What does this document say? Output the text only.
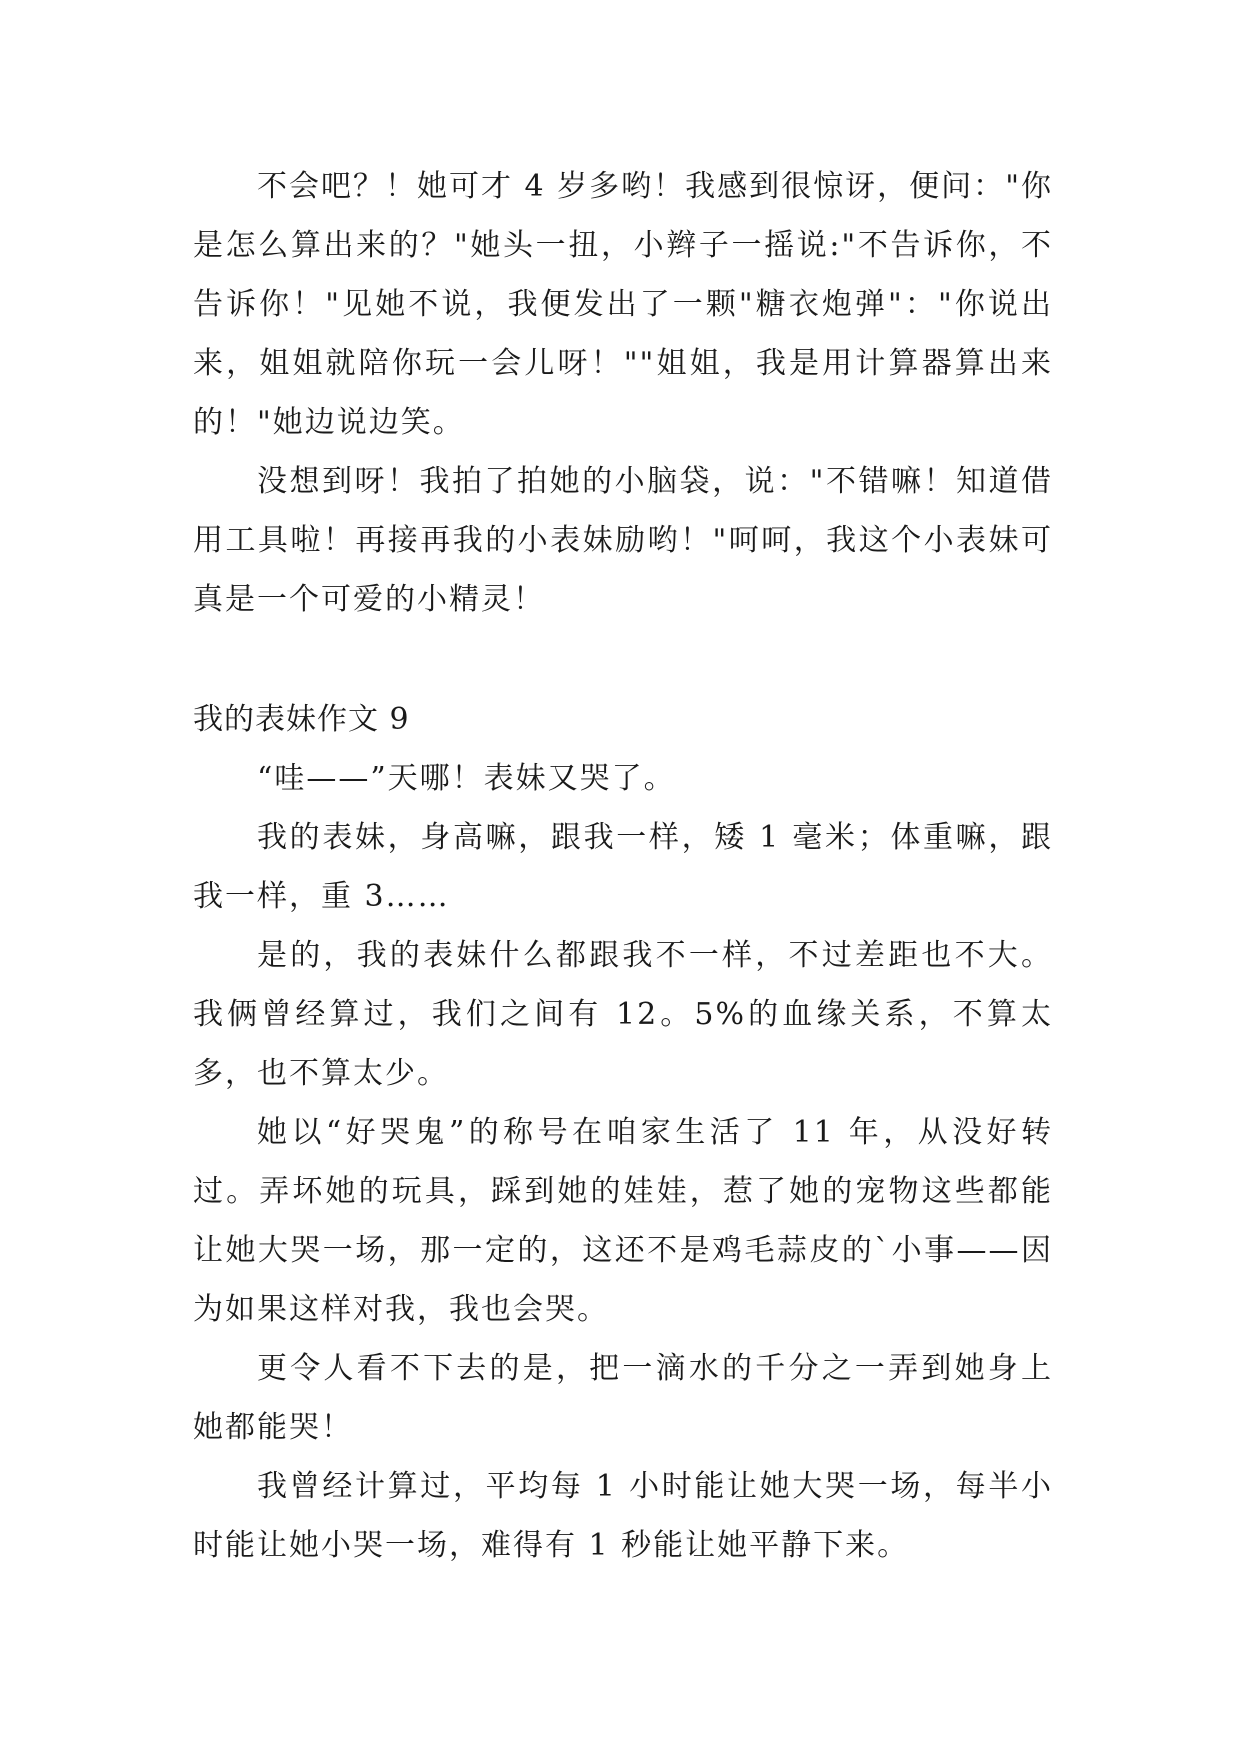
不会吧？！她可才 4 岁多哟！我感到很惊讶，便问："你是怎么算出来的？"她头一扭，小辫子一摇说:"不告诉你，不告诉你！"见她不说，我便发出了一颗"糖衣炮弹"："你说出来，姐姐就陪你玩一会儿呀！""姐姐，我是用计算器算出来的！"她边说边笑。

没想到呀！我拍了拍她的小脑袋，说："不错嘛！知道借用工具啦！再接再我的小表妹励哟！"呵呵，我这个小表妹可真是一个可爱的小精灵！

我的表妹作文 9

“哇——”天哪！表妹又哭了。

我的表妹，身高嘛，跟我一样，矮 1 毫米；体重嘛，跟我一样，重 3……

是的，我的表妹什么都跟我不一样，不过差距也不大。我俩曾经算过，我们之间有 12。5%的血缘关系，不算太多，也不算太少。

她以“好哭鬼”的称号在咱家生活了 11 年，从没好转过。弄坏她的玩具，踩到她的娃娃，惹了她的宠物这些都能让她大哭一场，那一定的，这还不是鸡毛蒜皮的`小事——因为如果这样对我，我也会哭。

更令人看不下去的是，把一滴水的千分之一弄到她身上她都能哭！

我曾经计算过，平均每 1 小时能让她大哭一场，每半小时能让她小哭一场，难得有 1 秒能让她平静下来。
